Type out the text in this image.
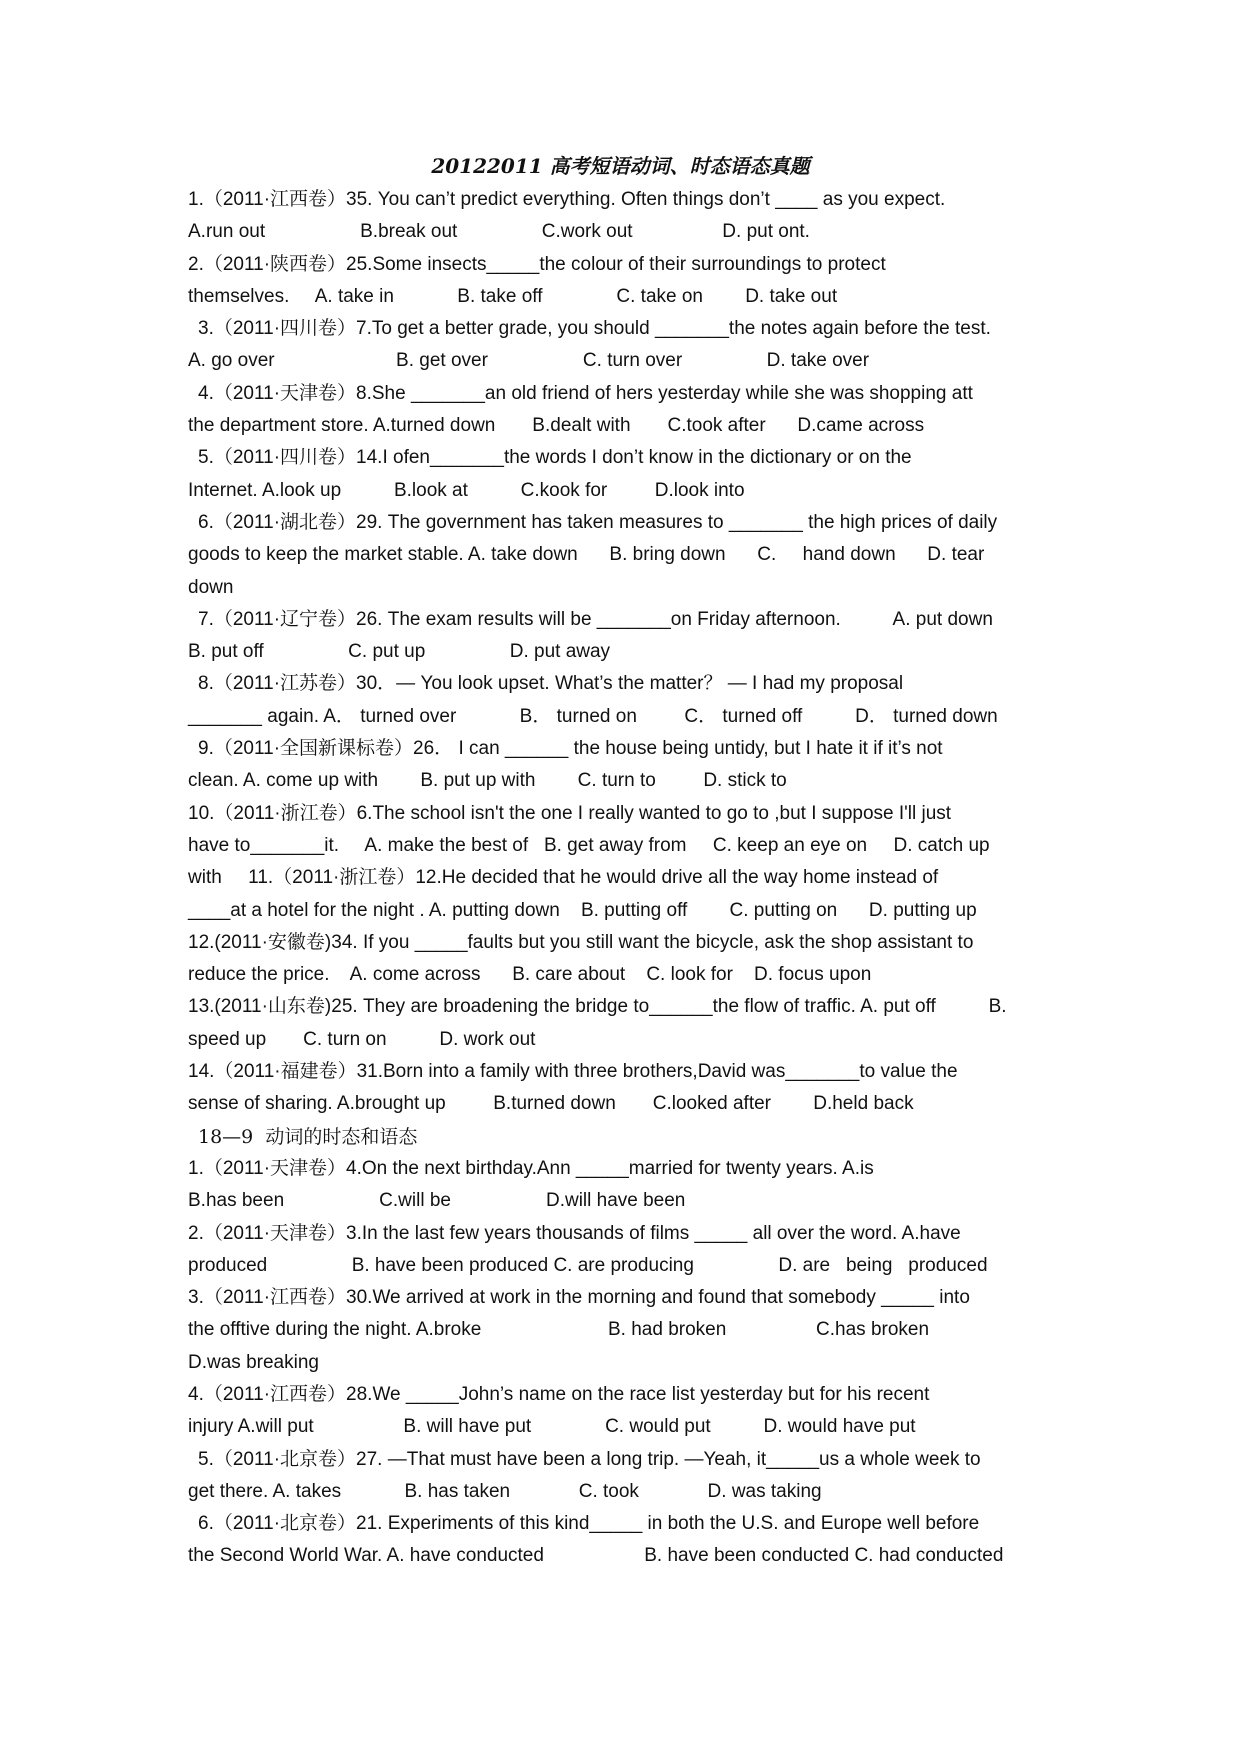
20122011 高考短语动词、时态语态真题
1.（2011·江西卷）35. You can’t predict everything. Often things don’t ____ as you expect.
A.run out                  B.break out                C.work out                 D. put ont.
2.（2011·陕西卷）25.Some insects_____the colour of their surroundings to protect
themselves.     A. take in            B. take off              C. take on        D. take out
3.（2011·四川卷）7.To get a better grade, you should _______the notes again before the test.
A. go over                       B. get over                  C. turn over                D. take over
4.（2011·天津卷）8.She _______an old friend of hers yesterday while she was shopping att
the department store. A.turned down       B.dealt with       C.took after      D.came across
5.（2011·四川卷）14.I ofen_______the words I don’t know in the dictionary or on the
Internet. A.look up          B.look at          C.kook for         D.look into
6.（2011·湖北卷）29. The government has taken measures to _______ the high prices of daily
goods to keep the market stable. A. take down      B. bring down      C.     hand down      D. tear
down
7.（2011·辽宁卷）26. The exam results will be _______on Friday afternoon.          A. put down
B. put off                C. put up                D. put away
8.（2011·江苏卷）30．— You look upset. What’s the matter？ — I had my proposal
_______ again. A． turned over            B． turned on         C． turned off          D． turned down
9.（2011·全国新课标卷）26． I can ______ the house being untidy, but I hate it if it’s not
clean. A. come up with        B. put up with        C. turn to         D. stick to
10.（2011·浙江卷）6.The school isn't the one I really wanted to go to ,but I suppose I'll just
have to_______it.     A. make the best of   B. get away from     C. keep an eye on     D. catch up
with     11.（2011·浙江卷）12.He decided that he would drive all the way home instead of
____at a hotel for the night . A. putting down    B. putting off        C. putting on      D. putting up
12.(2011·安徽卷)34. If you _____faults but you still want the bicycle, ask the shop assistant to
reduce the price.    A. come across      B. care about    C. look for    D. focus upon
13.(2011·山东卷)25. They are broadening the bridge to______the flow of traffic. A. put off          B.
speed up       C. turn on          D. work out
14.（2011·福建卷）31.Born into a family with three brothers,David was_______to value the
sense of sharing. A.brought up         B.turned down       C.looked after        D.held back
18—9  动词的时态和语态
1.（2011·天津卷）4.On the next birthday.Ann _____married for twenty years. A.is
B.has been                  C.will be                  D.will have been
2.（2011·天津卷）3.In the last few years thousands of films _____ all over the word. A.have
produced                B. have been produced C. are producing                D. are   being   produced
3.（2011·江西卷）30.We arrived at work in the morning and found that somebody _____ into
the offtive during the night. A.broke                        B. had broken                 C.has broken
D.was breaking
4.（2011·江西卷）28.We _____John’s name on the race list yesterday but for his recent
injury A.will put                 B. will have put              C. would put          D. would have put
5.（2011·北京卷）27. —That must have been a long trip. —Yeah, it_____us a whole week to
get there. A. takes            B. has taken             C. took             D. was taking
6.（2011·北京卷）21. Experiments of this kind_____ in both the U.S. and Europe well before
the Second World War. A. have conducted                   B. have been conducted C. had conducted
